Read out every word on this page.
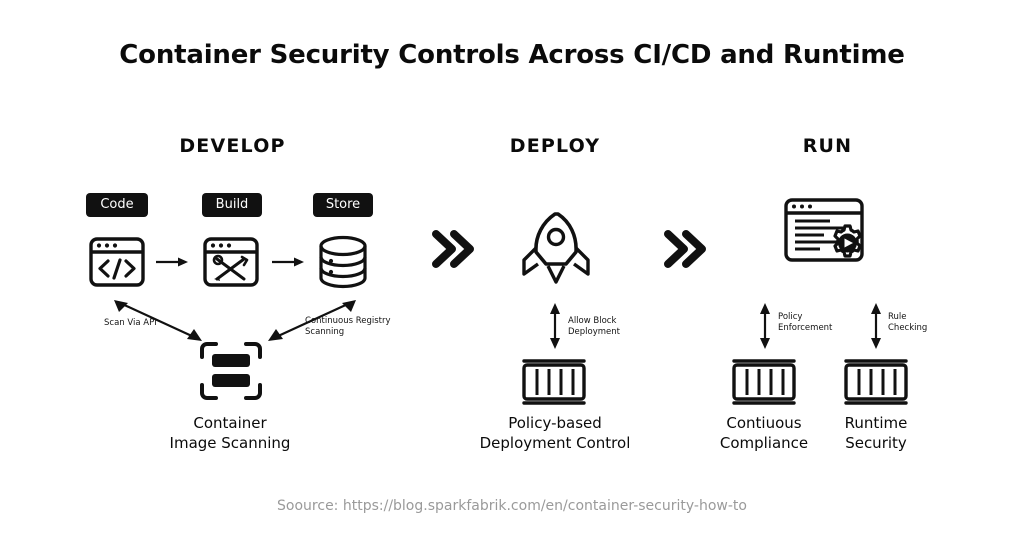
Container Security Controls Across CI/CD and Runtime
DEVELOP	DEPLOY	RUN
Code	Build	Store
Scan Via API	Continuous Registry Scanning
Container
Image Scanning
Allow Block Deployment
Policy-based
Deployment Control
Policy Enforcement
Contiuous
Compliance
Rule Checking
Runtime
Security
Soource: https://blog.sparkfabrik.com/en/container-security-how-to
